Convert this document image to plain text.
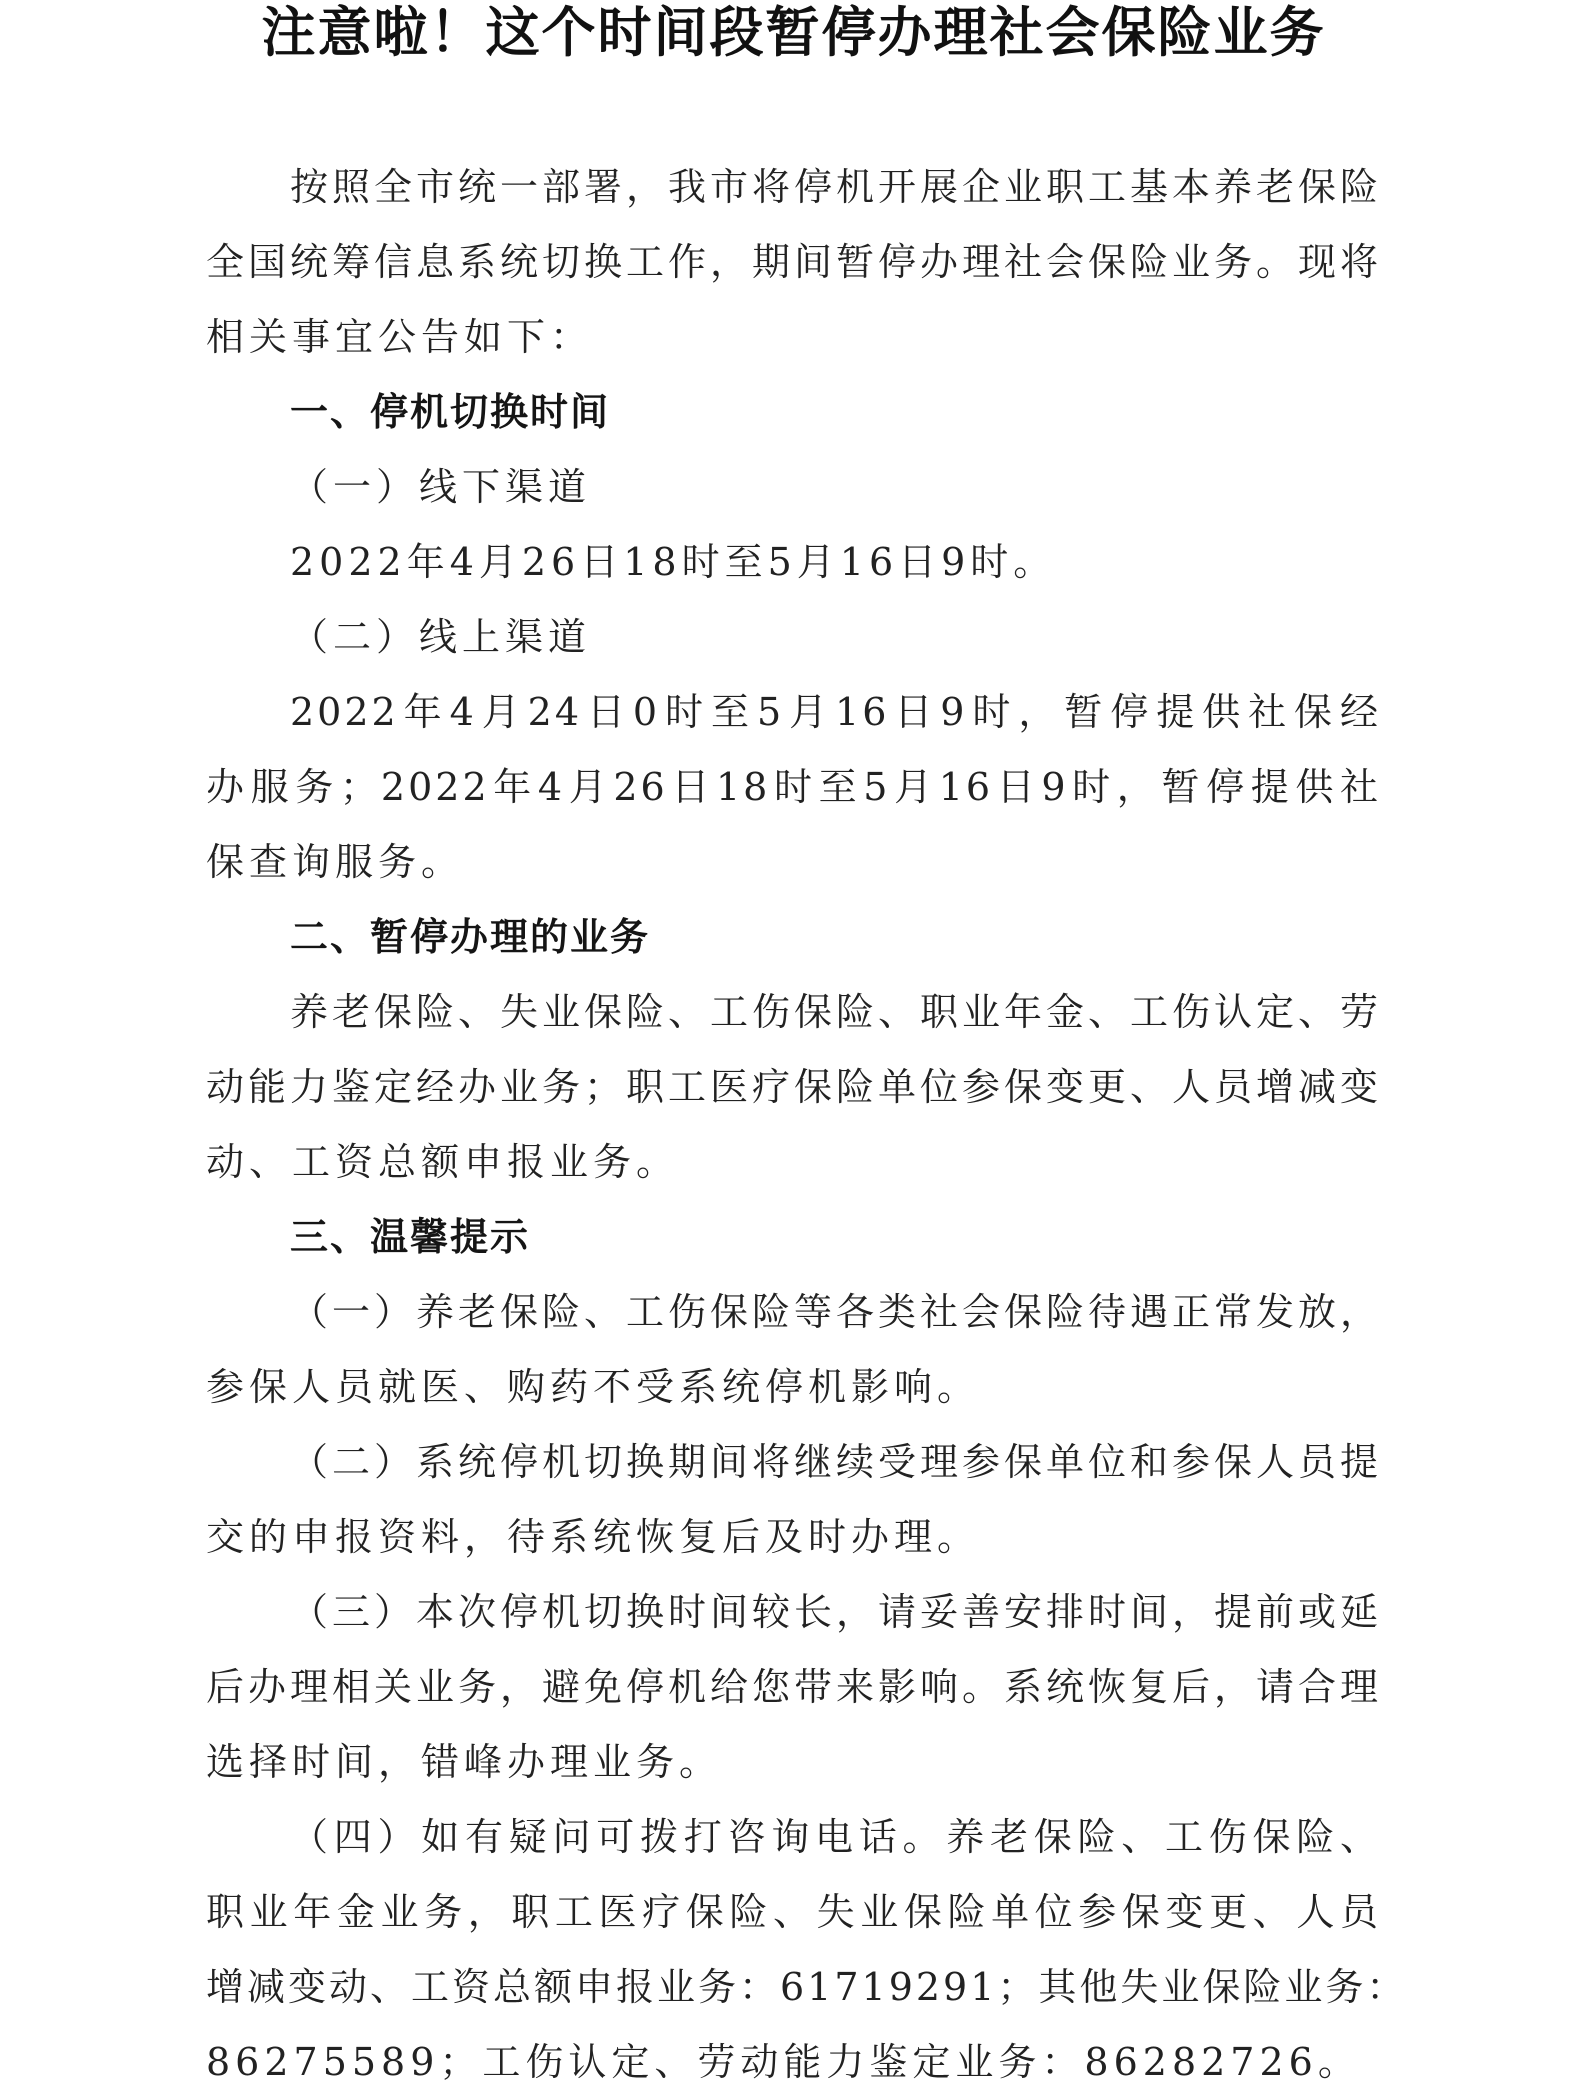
注意啦！这个时间段暂停办理社会保险业务
按照全市统一部署，我市将停机开展企业职工基本养老保险
全国统筹信息系统切换工作，期间暂停办理社会保险业务。现将
相关事宜公告如下：
一、停机切换时间
（一）线下渠道
2022年4月26日18时至5月16日9时。
（二）线上渠道
2022年4月24日0时至5月16日9时，暂停提供社保经
办服务；2022年4月26日18时至5月16日9时，暂停提供社
保查询服务。
二、暂停办理的业务
养老保险、失业保险、工伤保险、职业年金、工伤认定、劳
动能力鉴定经办业务；职工医疗保险单位参保变更、人员增减变
动、工资总额申报业务。
三、温馨提示
（一）养老保险、工伤保险等各类社会保险待遇正常发放，
参保人员就医、购药不受系统停机影响。
（二）系统停机切换期间将继续受理参保单位和参保人员提
交的申报资料，待系统恢复后及时办理。
（三）本次停机切换时间较长，请妥善安排时间，提前或延
后办理相关业务，避免停机给您带来影响。系统恢复后，请合理
选择时间，错峰办理业务。
（四）如有疑问可拨打咨询电话。养老保险、工伤保险、
职业年金业务，职工医疗保险、失业保险单位参保变更、人员
增减变动、工资总额申报业务：61719291；其他失业保险业务：
86275589；工伤认定、劳动能力鉴定业务：86282726。
